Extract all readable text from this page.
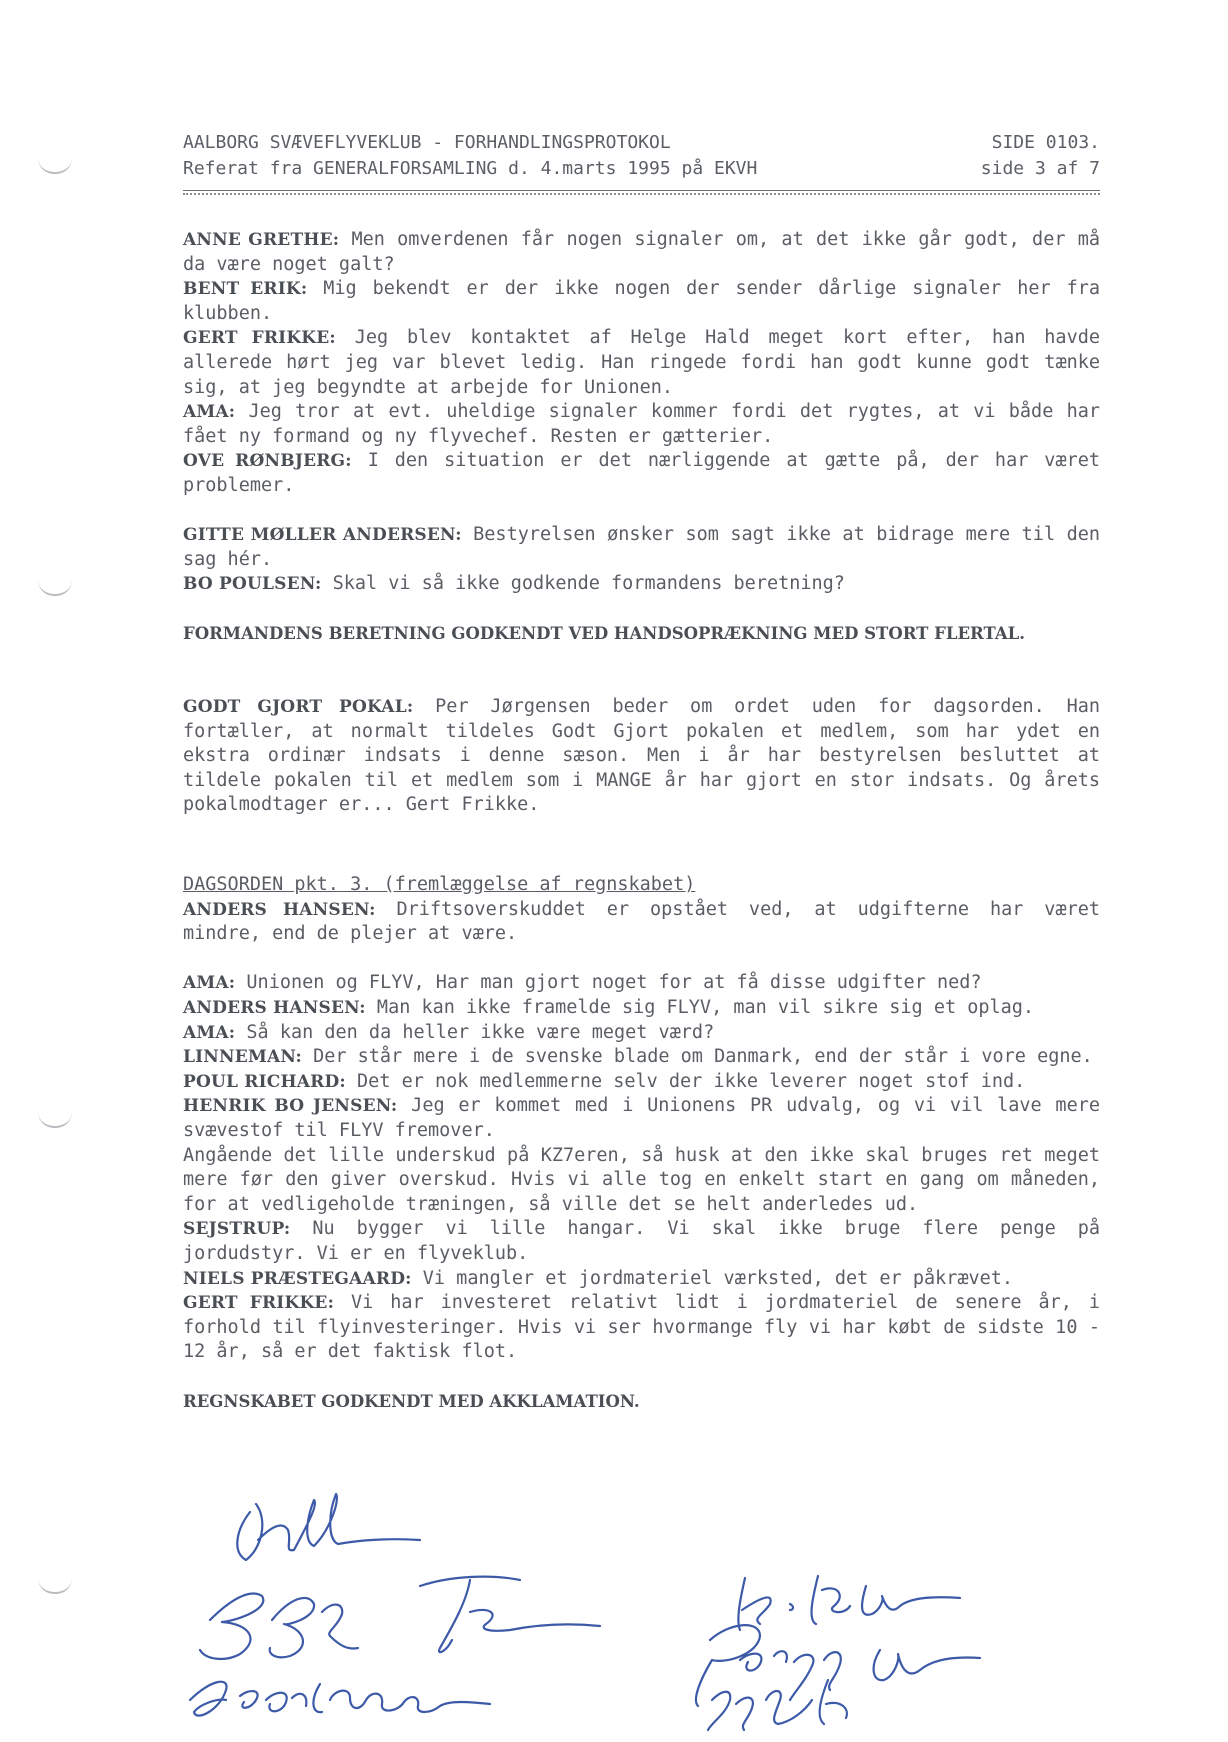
AALBORG SVÆVEFLYVEKLUB - FORHANDLINGSPROTOKOL	SIDE 0103.
Referat fra GENERALFORSAMLING d. 4.marts 1995 på EKVH	side 3 af 7

ANNE GRETHE: Men omverdenen får nogen signaler om, at det ikke går godt, der må da være noget galt?

BENT ERIK: Mig bekendt er der ikke nogen der sender dårlige signaler her fra klubben.

GERT FRIKKE: Jeg blev kontaktet af Helge Hald meget kort efter, han havde allerede hørt jeg var blevet ledig. Han ringede fordi han godt kunne godt tænke sig, at jeg begyndte at arbejde for Unionen.

AMA: Jeg tror at evt. uheldige signaler kommer fordi det rygtes, at vi både har fået ny formand og ny flyvechef. Resten er gætterier.

OVE RØNBJERG: I den situation er det nærliggende at gætte på, der har været problemer.

GITTE MØLLER ANDERSEN: Bestyrelsen ønsker som sagt ikke at bidrage mere til den sag hér.

BO POULSEN: Skal vi så ikke godkende formandens beretning?

FORMANDENS BERETNING GODKENDT VED HANDSOPRÆKNING MED STORT FLERTAL.

GODT GJORT POKAL: Per Jørgensen beder om ordet uden for dagsorden. Han fortæller, at normalt tildeles Godt Gjort pokalen et medlem, som har ydet en ekstra ordinær indsats i denne sæson. Men i år har bestyrelsen besluttet at tildele pokalen til et medlem som i MANGE år har gjort en stor indsats. Og årets pokalmodtager er... Gert Frikke.

DAGSORDEN pkt. 3. (fremlæggelse af regnskabet)

ANDERS HANSEN: Driftsoverskuddet er opstået ved, at udgifterne har været mindre, end de plejer at være.

AMA: Unionen og FLYV, Har man gjort noget for at få disse udgifter ned?

ANDERS HANSEN: Man kan ikke framelde sig FLYV, man vil sikre sig et oplag.

AMA: Så kan den da heller ikke være meget værd?

LINNEMAN: Der står mere i de svenske blade om Danmark, end der står i vore egne.

POUL RICHARD: Det er nok medlemmerne selv der ikke leverer noget stof ind.

HENRIK BO JENSEN: Jeg er kommet med i Unionens PR udvalg, og vi vil lave mere svævestof til FLYV fremover.

Angående det lille underskud på KZ7eren, så husk at den ikke skal bruges ret meget mere før den giver overskud. Hvis vi alle tog en enkelt start en gang om måneden, for at vedligeholde træningen, så ville det se helt anderledes ud.

SEJSTRUP: Nu bygger vi lille hangar. Vi skal ikke bruge flere penge på jordudstyr. Vi er en flyveklub.

NIELS PRÆSTEGAARD: Vi mangler et jordmateriel værksted, det er påkrævet.

GERT FRIKKE: Vi har investeret relativt lidt i jordmateriel de senere år, i forhold til flyinvesteringer. Hvis vi ser hvormange fly vi har købt de sidste 10 - 12 år, så er det faktisk flot.

REGNSKABET GODKENDT MED AKKLAMATION.
